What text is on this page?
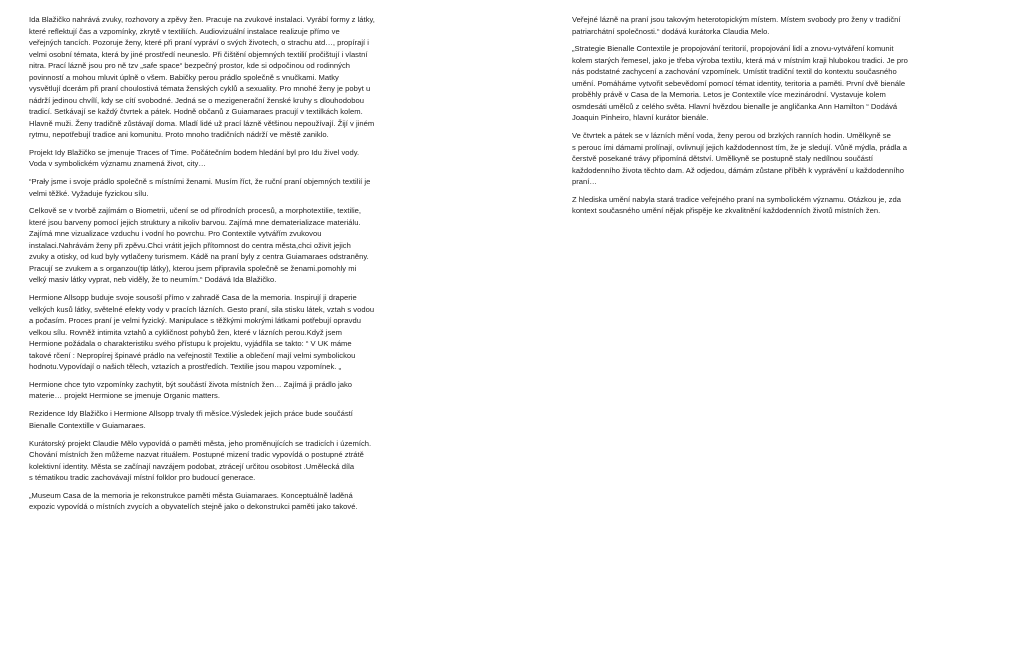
Ida Blažičko nahrává zvuky, rozhovory a zpěvy žen. Pracuje na zvukové instalaci. Vyrábí formy z látky,
které reflektují čas a vzpomínky, zkrytě v textiliích. Audiovizuální instalace realizuje přímo ve
veřejných tancích. Pozoruje ženy, které při praní vypráví o svých životech, o strachu atd…, propírají i
velmi osobní témata, která by jiné prostředí neuneslo. Při čištění objemných textilií pročištují i vlastní
nitra. Prací lázně jsou pro ně tzv „safe space“ bezpečný prostor, kde si odpočinou od rodinných
povinností a mohou mluvit úplně o všem. Babičky perou prádlo společně s vnučkami. Matky
vysvětlují dcerám při praní choulostivá témata ženských cyklů a sexuality. Pro mnohé ženy je pobyt u
nádrží jedinou chvílí, kdy se cítí svobodné. Jedná se o mezigenerační ženské kruhy s dlouhodobou
tradicí. Setkávají se každý čtvrtek a pátek. Hodně občanů z Guiamaraes pracují v textilkách kolem.
Hlavně muži. Ženy tradičně zůstávají doma. Mladí lidé už prací lázně většinou nepoužívají. Žijí v jiném
rytmu, nepotřebují tradice ani komunitu. Proto mnoho tradičních nádrží ve městě zaniklo.

Projekt Idy Blažičko se jmenuje Traces of Time. Počátečním bodem hledání byl pro Idu živel vody.
Voda v symbolickém významu znamená život, city…

“Prały jsme i svoje prádlo společně s místními ženami. Musím říct, že ruční praní objemných textilií je
velmi těžké. Vyžaduje fyzickou sílu.

Celkově se v tvorbě zajímám o Biometrii, učení se od přírodních procesů, a morphotextilie, textilie,
které jsou barveny pomocí jejich struktury a nikoliv barvou. Zajímá mne dematerializace materiálu.
Zajímá mne vizualizace vzduchu i vodní ho povrchu. Pro Contextile vytvářím zvukovou
instalaci.Nahrávám ženy při zpěvu.Chci vrátit jejich přítomnost do centra města,chci oživit jejich
zvuky a otisky, od kud byly vytlačeny turismem. Kádě na praní byly z centra Guiamaraes odstraněny.
Pracují se zvukem a s organzou(tip látky), kterou jsem připravila společně se ženami.pomohly mi
velký masiv látky vyprat, neb viděly, že to neumím.“ Dodává Ida Blažičko.

Hermione Allsopp buduje svoje sousoší přímo v zahradě Casa de la memoria. Inspirují ji draperie
velkých kusů látky, světelné efekty vody v pracích lázních. Gesto praní, sila stisku látek, vztah s vodou
a počasím. Proces praní je velmi fyzický. Manipulace s těžkými mokrými látkami potřebují opravdu
velkou sílu. Rovněž intimita vztahů a cykličnost pohybů žen, které v lázních perou.Když jsem
Hermione požádala o charakteristiku svého přístupu k projektu, vyjádřila se takto: “ V UK máme
takové rčení : Nepropírej špinavé prádlo na veřejnosti! Textilie a oblečení mají velmi symbolickou
hodnotu.Vypovídají o našich tělech, vztazích a prostředích. Textilie jsou mapou vzpomínek. „

Hermione chce tyto vzpomínky zachytit, být součástí života místních žen… Zajímá ji prádlo jako
materie… projekt Hermione se jmenuje Organic matters.

Rezidence Idy Blažičko i Hermione Allsopp trvaly tři měsíce.Výsledek jejich práce bude součástí
Bienalle Contextille v Guiamaraes.

Kurátorský projekt Claudie Mělo vypovídá o paměti města, jeho proměnujících se tradicích i územích.
Chování místních žen můžeme nazvat rituálem. Postupné mizení tradic vypovídá o postupné ztrátě
kolektivní identity. Města se začínají navzájem podobat, ztrácejí určitou osobitost .Umělecká díla
s tématikou tradic zachovávají místní folklor pro budoucí generace.

„Museum Casa de la memoria je rekonstrukce paměti města Guiamaraes. Konceptuálně laděná
expozic vypovídá o místních zvycích a obyvatelích stejně jako o dekonstrukci paměti jako takové.

Veřejné lázně na praní jsou takovým heterotopickým místem. Místem svobody pro ženy v tradiční
patriarchátní společnosti.“ dodává kurátorka Claudia Melo.

„Strategie Bienalle Contextile je propojování teritorií, propojování lidí a znovu-vytváření komunit
kolem starých řemesel, jako je třeba výroba textilu, která má v místním kraji hlubokou tradici. Je pro
nás podstatné zachycení a zachování vzpomínek. Umístit tradiční textil do kontextu současného
umění. Pomáháme vytvořit sebevědomí pomocí témat identity, teritoria a paměti. První dvě bienále
proběhly právě v Casa de la Memoria. Letos je Contextile více mezinárodní. Vystavuje kolem
osmdesáti umělců z celého světa. Hlavní hvězdou bienalle je angličanka Ann Hamilton “ Dodává
Joaquin Pinheiro, hlavní kurátor bienále.

Ve čtvrtek a pátek se v lázních mění voda, ženy perou od brzkých ranních hodin. Umělkyně se
s perouc ími dámami prolínají, ovlivnují jejich každodennost tím, že je sledují. Vůně mýdla, prádla a
čerstvě posekané trávy připomíná dětství. Umělkyně se postupně staly nedílnou součástí
každodenního života těchto dam. Až odjedou, dámám zůstane příběh k vyprávění u každodenního
praní…

Z hlediska umění nabyla stará tradice veřejného praní na symbolickém významu. Otázkou je, zda
kontext současného umění nějak přispěje ke zkvalitnění každodenních životů místních žen.
